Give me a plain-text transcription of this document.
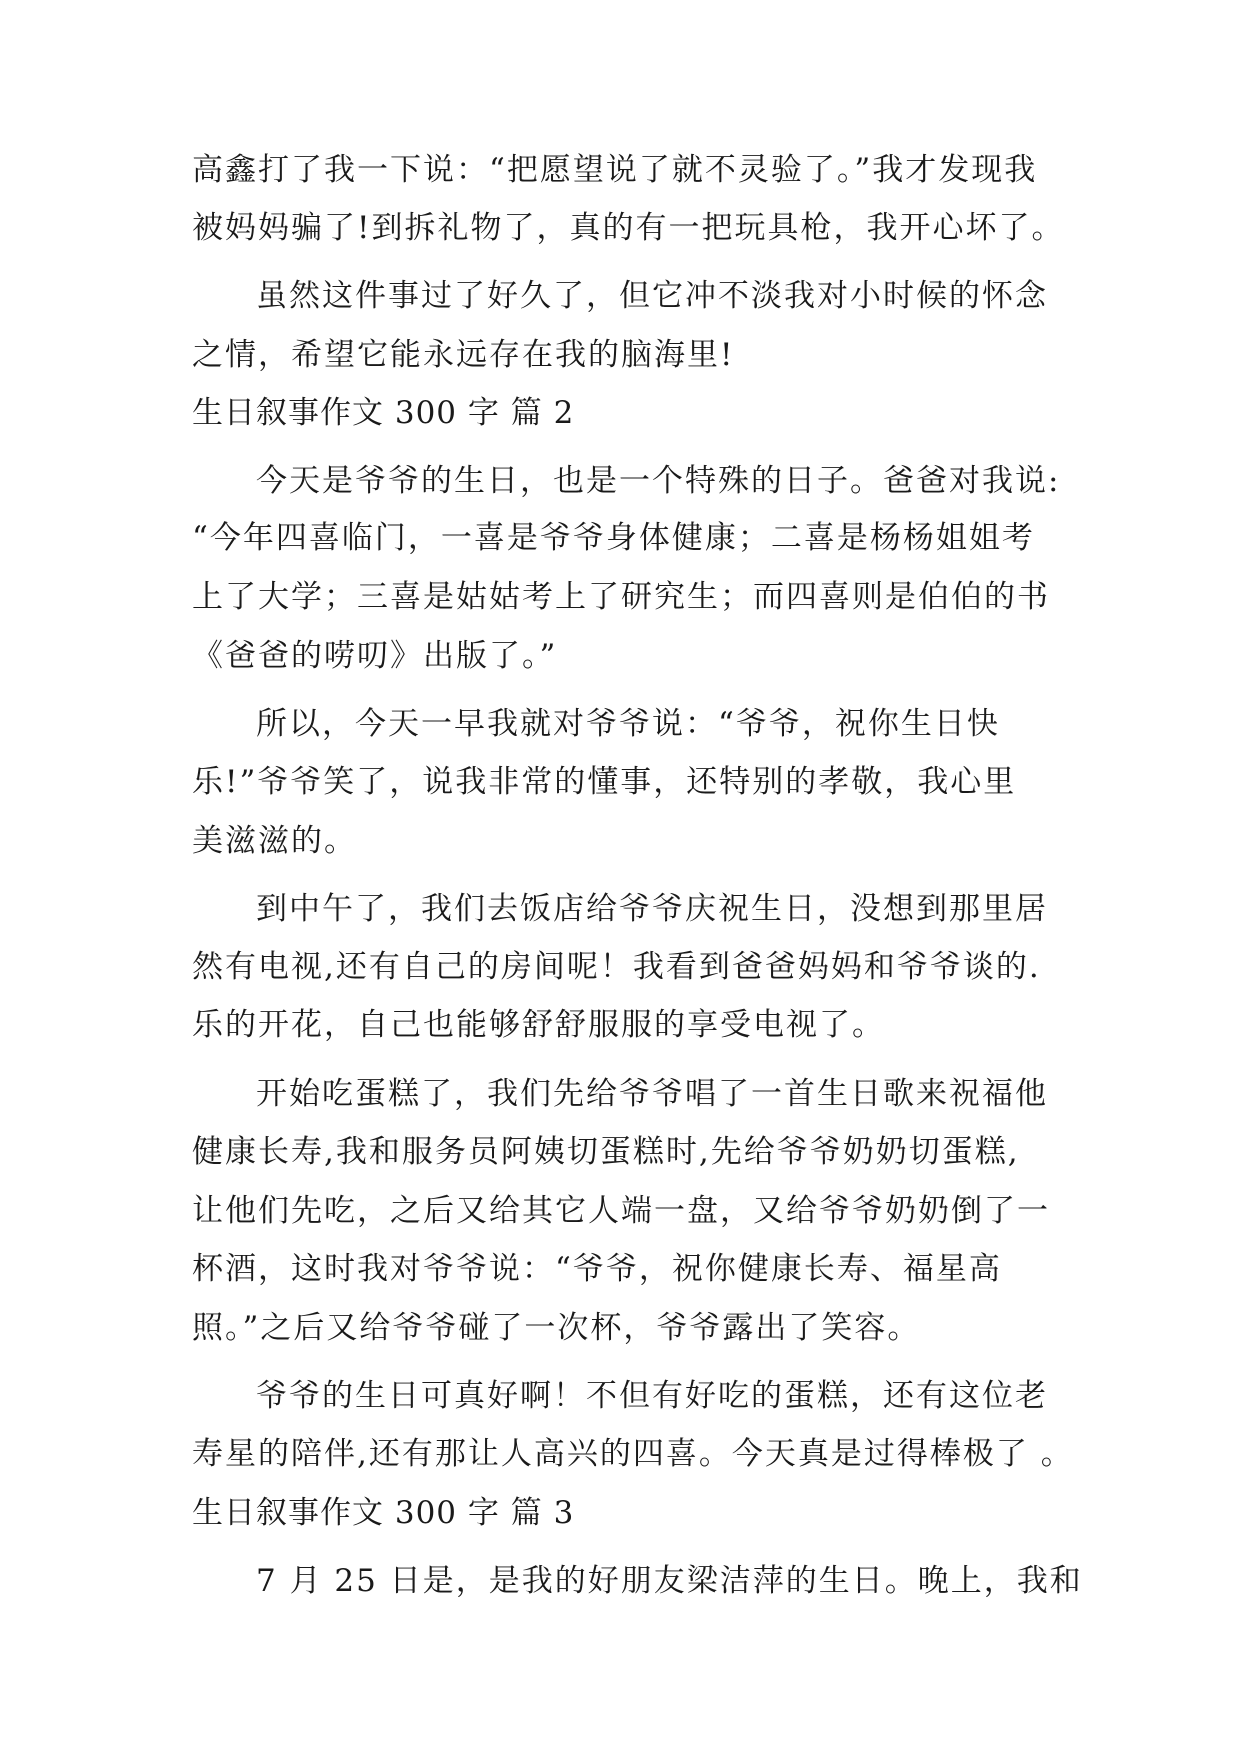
高鑫打了我一下说：“把愿望说了就不灵验了。”我才发现我
被妈妈骗了!到拆礼物了，真的有一把玩具枪，我开心坏了。
虽然这件事过了好久了，但它冲不淡我对小时候的怀念
之情，希望它能永远存在我的脑海里!
生日叙事作文 300 字 篇 2
今天是爷爷的生日，也是一个特殊的日子。爸爸对我说:
“今年四喜临门，一喜是爷爷身体健康；二喜是杨杨姐姐考
上了大学；三喜是姑姑考上了研究生；而四喜则是伯伯的书
《爸爸的唠叨》出版了。”
所以，今天一早我就对爷爷说：“爷爷，祝你生日快
乐!”爷爷笑了，说我非常的懂事，还特别的孝敬，我心里
美滋滋的。
到中午了，我们去饭店给爷爷庆祝生日，没想到那里居
然有电视,还有自己的房间呢！我看到爸爸妈妈和爷爷谈的.
乐的开花，自己也能够舒舒服服的享受电视了。
开始吃蛋糕了，我们先给爷爷唱了一首生日歌来祝福他
健康长寿,我和服务员阿姨切蛋糕时,先给爷爷奶奶切蛋糕,
让他们先吃，之后又给其它人端一盘，又给爷爷奶奶倒了一
杯酒，这时我对爷爷说：“爷爷，祝你健康长寿、福星高
照。”之后又给爷爷碰了一次杯，爷爷露出了笑容。
爷爷的生日可真好啊！不但有好吃的蛋糕，还有这位老
寿星的陪伴,还有那让人高兴的四喜。今天真是过得棒极了 。
生日叙事作文 300 字 篇 3
7 月 25 日是，是我的好朋友梁洁萍的生日。晚上，我和
